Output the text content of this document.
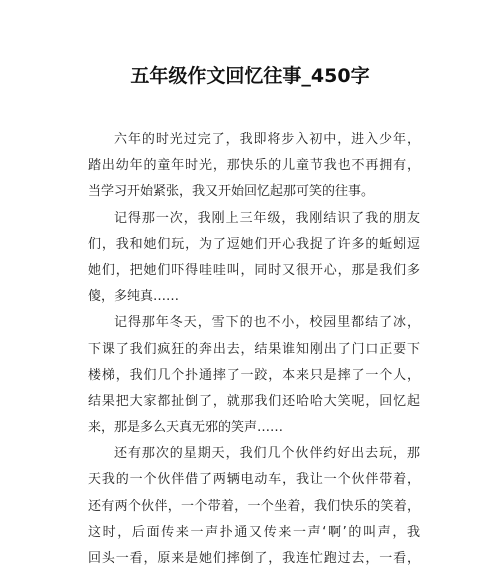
五年级作文回忆往事_450字
六年的时光过完了，我即将步入初中，进入少年，
踏出幼年的童年时光，那快乐的儿童节我也不再拥有，
当学习开始紧张，我又开始回忆起那可笑的往事。
记得那一次，我刚上三年级，我刚结识了我的朋友
们，我和她们玩，为了逗她们开心我捉了许多的蚯蚓逗
她们，把她们吓得哇哇叫，同时又很开心，那是我们多
傻，多纯真……
记得那年冬天，雪下的也不小，校园里都结了冰，
下课了我们疯狂的奔出去，结果谁知刚出了门口正要下
楼梯，我们几个扑通摔了一跤，本来只是摔了一个人，
结果把大家都扯倒了，就那我们还哈哈大笑呢，回忆起
来，那是多么天真无邪的笑声……
还有那次的星期天，我们几个伙伴约好出去玩，那
天我的一个伙伴借了两辆电动车，我让一个伙伴带着，
还有两个伙伴，一个带着，一个坐着，我们快乐的笑着，
这时，后面传来一声扑通又传来一声‘啊’的叫声，我
回头一看，原来是她们摔倒了，我连忙跑过去，一看，
